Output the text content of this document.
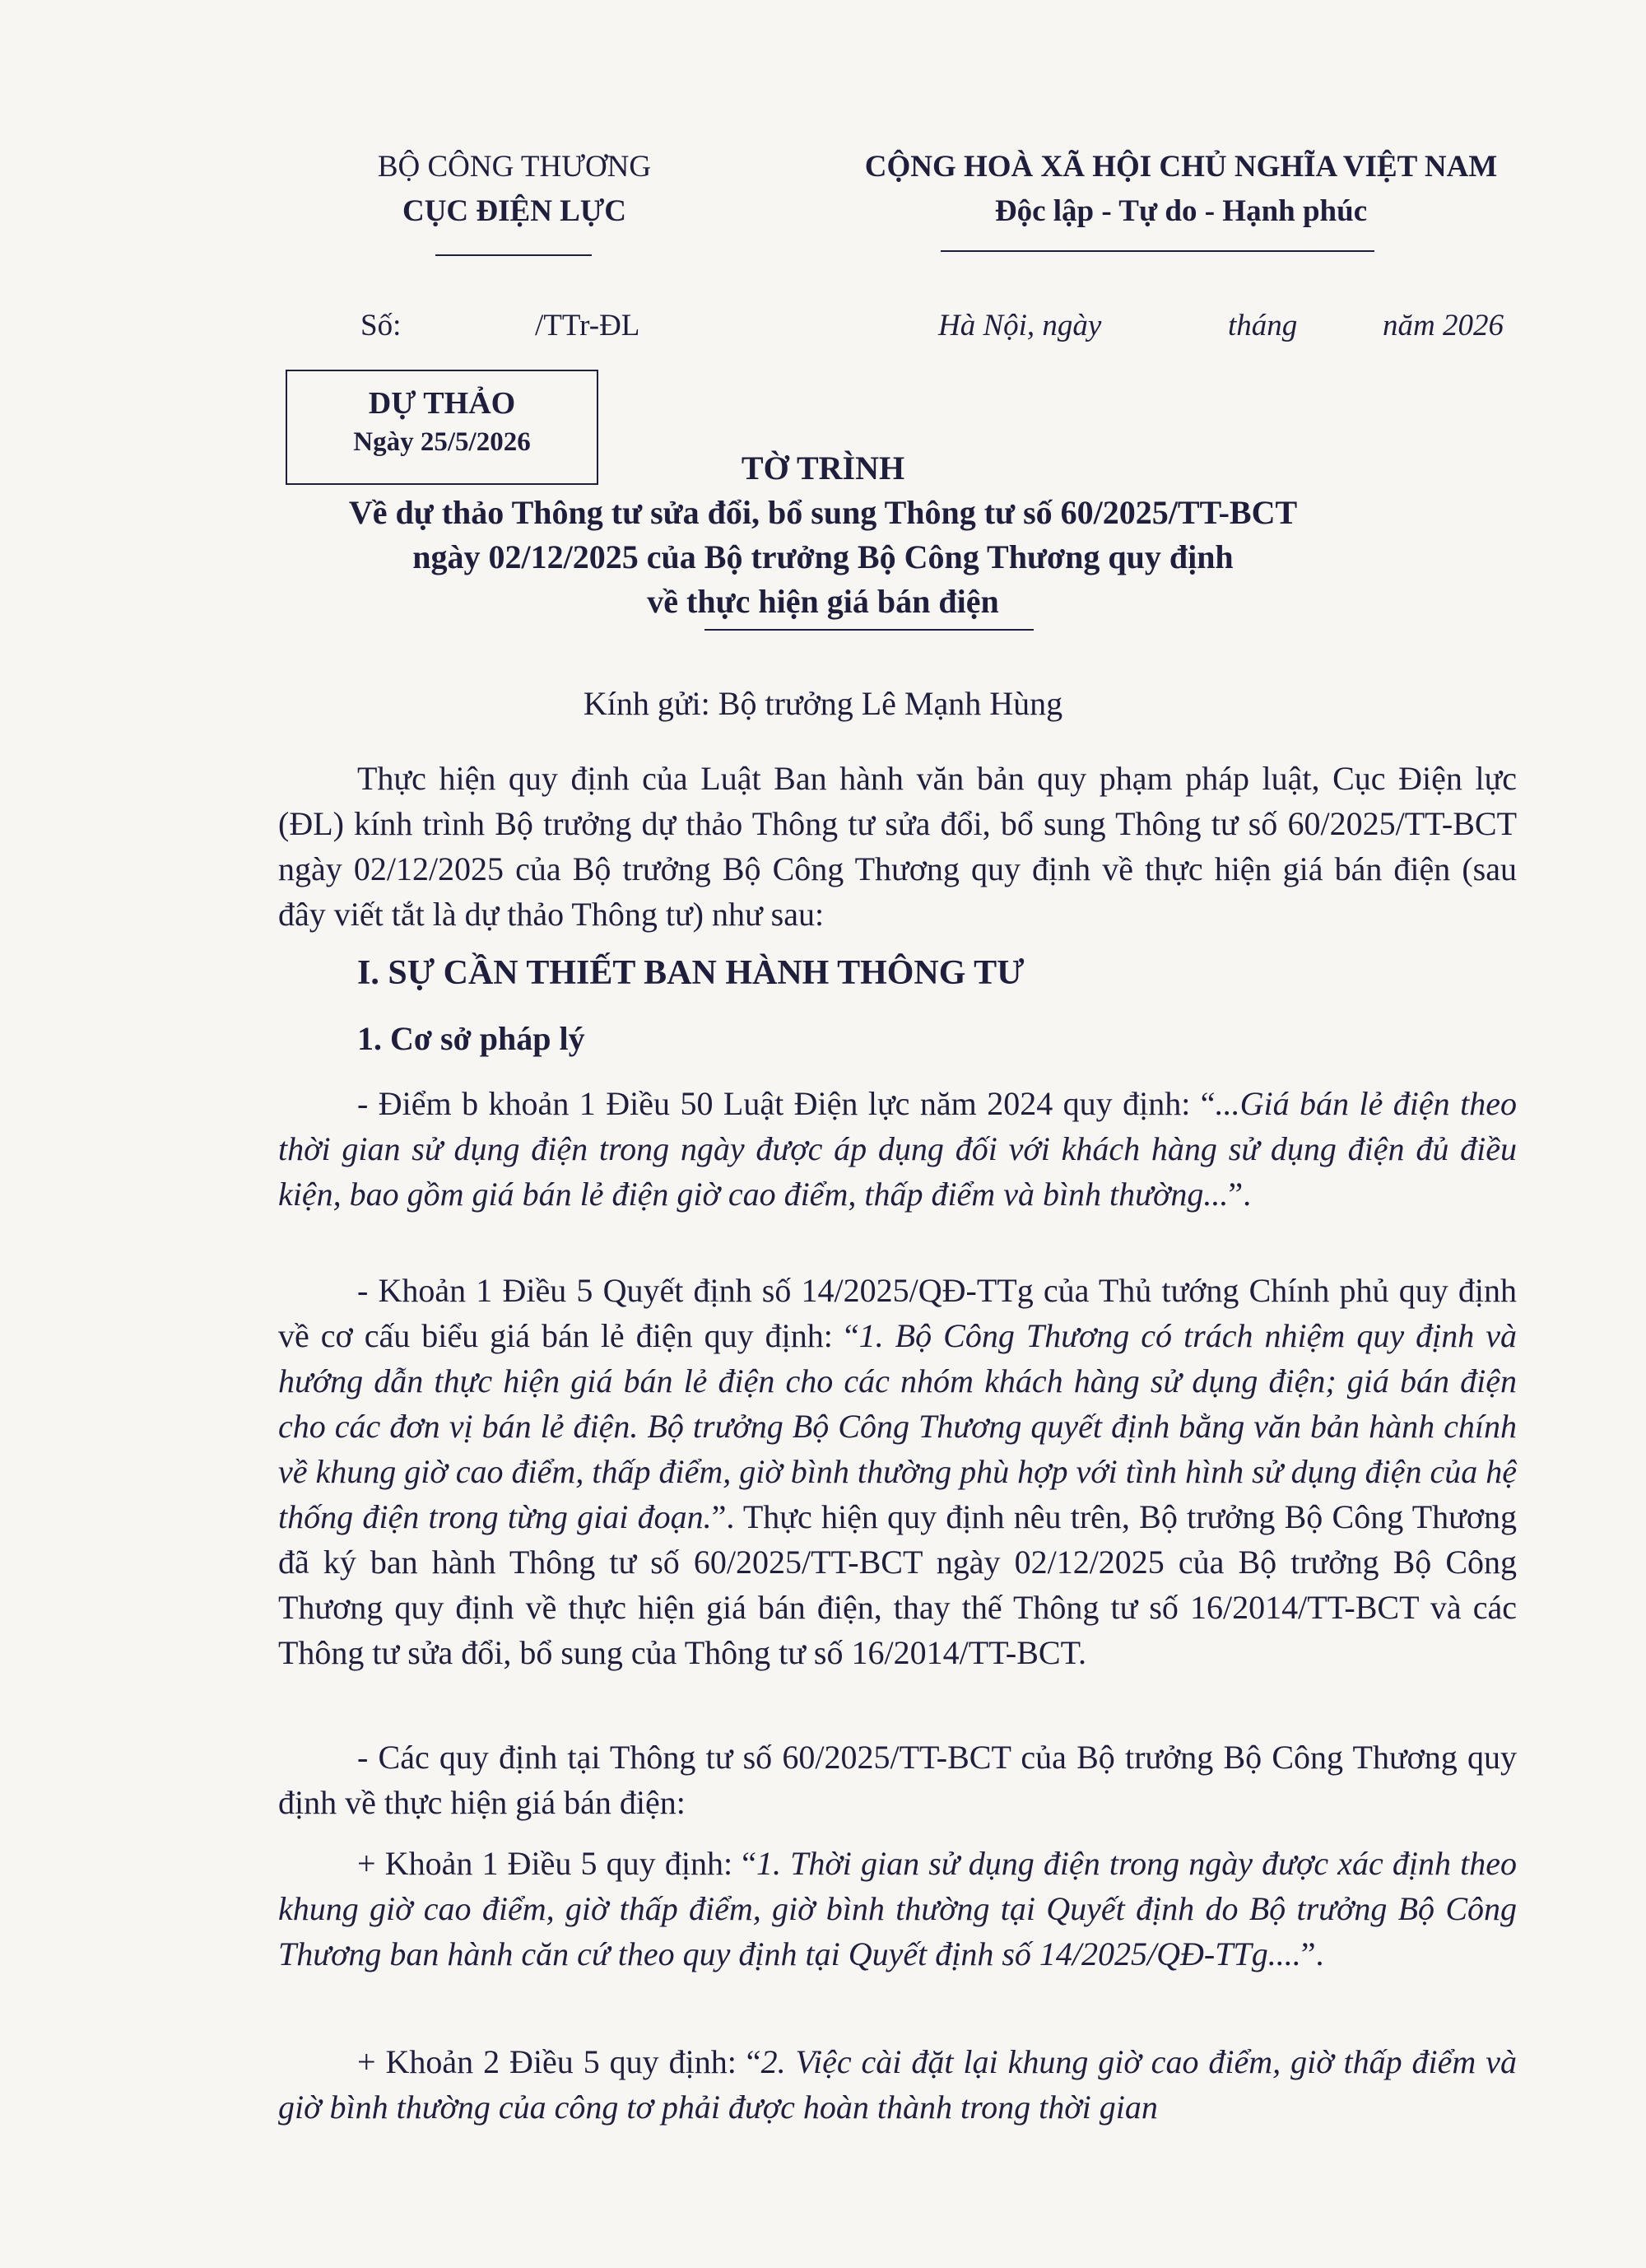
BỘ CÔNG THƯƠNG
CỤC ĐIỆN LỰC
CỘNG HOÀ XÃ HỘI CHỦ NGHĨA VIỆT NAM
Độc lập - Tự do - Hạnh phúc
Số:	/TTr-ĐL	Hà Nội, ngày	tháng	năm 2026
DỰ THẢO
Ngày 25/5/2026
TỜ TRÌNH
Về dự thảo Thông tư sửa đổi, bổ sung Thông tư số 60/2025/TT-BCT
ngày 02/12/2025 của Bộ trưởng Bộ Công Thương quy định
về thực hiện giá bán điện
Kính gửi: Bộ trưởng Lê Mạnh Hùng

Thực hiện quy định của Luật Ban hành văn bản quy phạm pháp luật, Cục Điện lực (ĐL) kính trình Bộ trưởng dự thảo Thông tư sửa đổi, bổ sung Thông tư số 60/2025/TT-BCT ngày 02/12/2025 của Bộ trưởng Bộ Công Thương quy định về thực hiện giá bán điện (sau đây viết tắt là dự thảo Thông tư) như sau:

I. SỰ CẦN THIẾT BAN HÀNH THÔNG TƯ
1. Cơ sở pháp lý

- Điểm b khoản 1 Điều 50 Luật Điện lực năm 2024 quy định: “...Giá bán lẻ điện theo thời gian sử dụng điện trong ngày được áp dụng đối với khách hàng sử dụng điện đủ điều kiện, bao gồm giá bán lẻ điện giờ cao điểm, thấp điểm và bình thường...”.

- Khoản 1 Điều 5 Quyết định số 14/2025/QĐ-TTg của Thủ tướng Chính phủ quy định về cơ cấu biểu giá bán lẻ điện quy định: “1. Bộ Công Thương có trách nhiệm quy định và hướng dẫn thực hiện giá bán lẻ điện cho các nhóm khách hàng sử dụng điện; giá bán điện cho các đơn vị bán lẻ điện. Bộ trưởng Bộ Công Thương quyết định bằng văn bản hành chính về khung giờ cao điểm, thấp điểm, giờ bình thường phù hợp với tình hình sử dụng điện của hệ thống điện trong từng giai đoạn.”. Thực hiện quy định nêu trên, Bộ trưởng Bộ Công Thương đã ký ban hành Thông tư số 60/2025/TT-BCT ngày 02/12/2025 của Bộ trưởng Bộ Công Thương quy định về thực hiện giá bán điện, thay thế Thông tư số 16/2014/TT-BCT và các Thông tư sửa đổi, bổ sung của Thông tư số 16/2014/TT-BCT.

- Các quy định tại Thông tư số 60/2025/TT-BCT của Bộ trưởng Bộ Công Thương quy định về thực hiện giá bán điện:

+ Khoản 1 Điều 5 quy định: “1. Thời gian sử dụng điện trong ngày được xác định theo khung giờ cao điểm, giờ thấp điểm, giờ bình thường tại Quyết định do Bộ trưởng Bộ Công Thương ban hành căn cứ theo quy định tại Quyết định số 14/2025/QĐ-TTg....”.

+ Khoản 2 Điều 5 quy định: “2. Việc cài đặt lại khung giờ cao điểm, giờ thấp điểm và giờ bình thường của công tơ phải được hoàn thành trong thời gian
